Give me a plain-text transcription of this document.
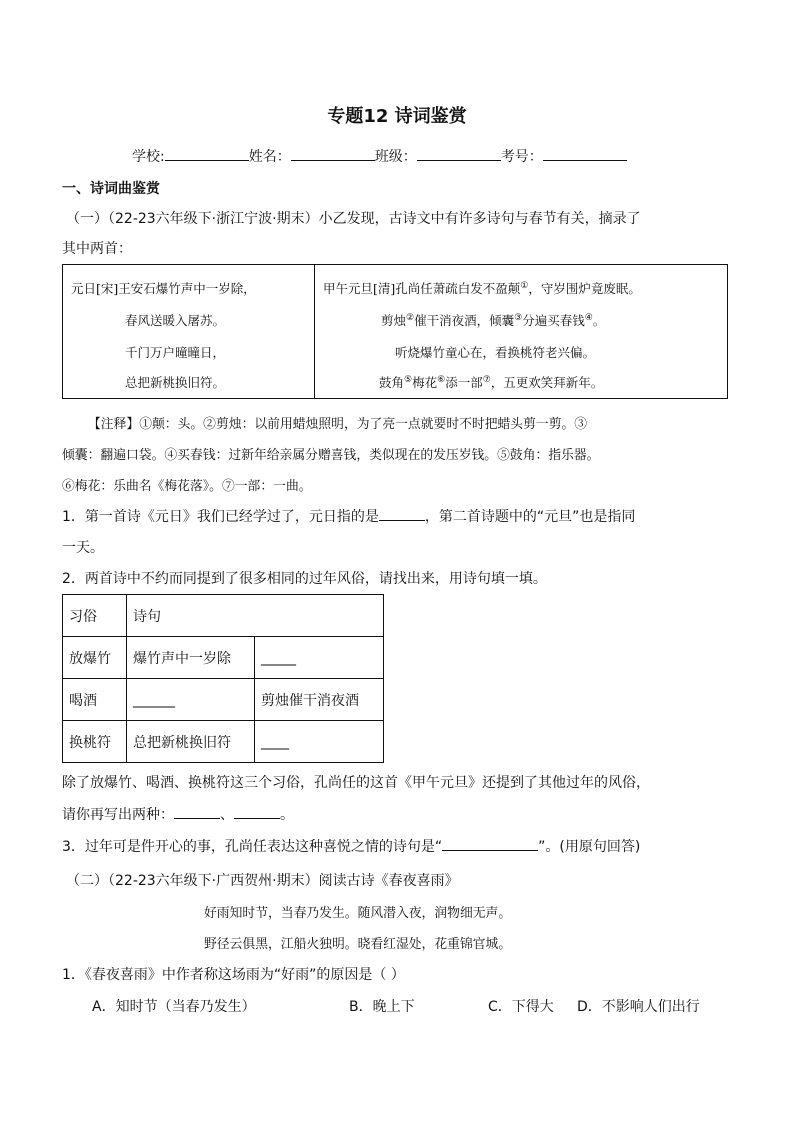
专题12 诗词鉴赏
学校:	姓名：	班级：	考号：
一、诗词曲鉴赏
（一）（22-23六年级下·浙江宁波·期末）小乙发现，古诗文中有许多诗句与春节有关，摘录了
其中两首：
元日[宋]王安石爆竹声中一岁除，
春风送暖入屠苏。
千门万户曈曈日，
总把新桃换旧符。
甲午元旦[清]孔尚任萧疏白发不盈颠①，守岁围炉竟废眠。
剪烛②催干消夜酒，倾囊③分遍买春钱④。
听烧爆竹童心在，看换桃符老兴偏。
鼓角⑤梅花⑥添一部⑦，五更欢笑拜新年。
【注释】①颠：头。②剪烛：以前用蜡烛照明，为了亮一点就要时不时把蜡头剪一剪。③
倾囊：翻遍口袋。④买春钱：过新年给亲属分赠喜钱，类似现在的发压岁钱。⑤鼓角：指乐器。
⑥梅花：乐曲名《梅花落》。⑦一部：一曲。
1．第一首诗《元日》我们已经学过了，元日指的是	，第二首诗题中的“元旦”也是指同
一天。
2．两首诗中不约而同提到了很多相同的过年风俗，请找出来，用诗句填一填。
习俗	诗句	
放爆竹	爆竹声中一岁除	_____
喝酒	______	剪烛催干消夜酒
换桃符	总把新桃换旧符	____
除了放爆竹、喝酒、换桃符这三个习俗，孔尚任的这首《甲午元旦》还提到了其他过年的风俗，
请你再写出两种：	、	。
3．过年可是件开心的事，孔尚任表达这种喜悦之情的诗句是“	”。(用原句回答)
（二）（22-23六年级下·广西贺州·期末）阅读古诗《春夜喜雨》
好雨知时节，当春乃发生。随风潜入夜，润物细无声。
野径云俱黑，江船火独明。晓看红湿处，花重锦官城。
1．《春夜喜雨》中作者称这场雨为“好雨”的原因是（ ）
A．知时节（当春乃发生）	B．晚上下	C．下得大 D．不影响人们出行
